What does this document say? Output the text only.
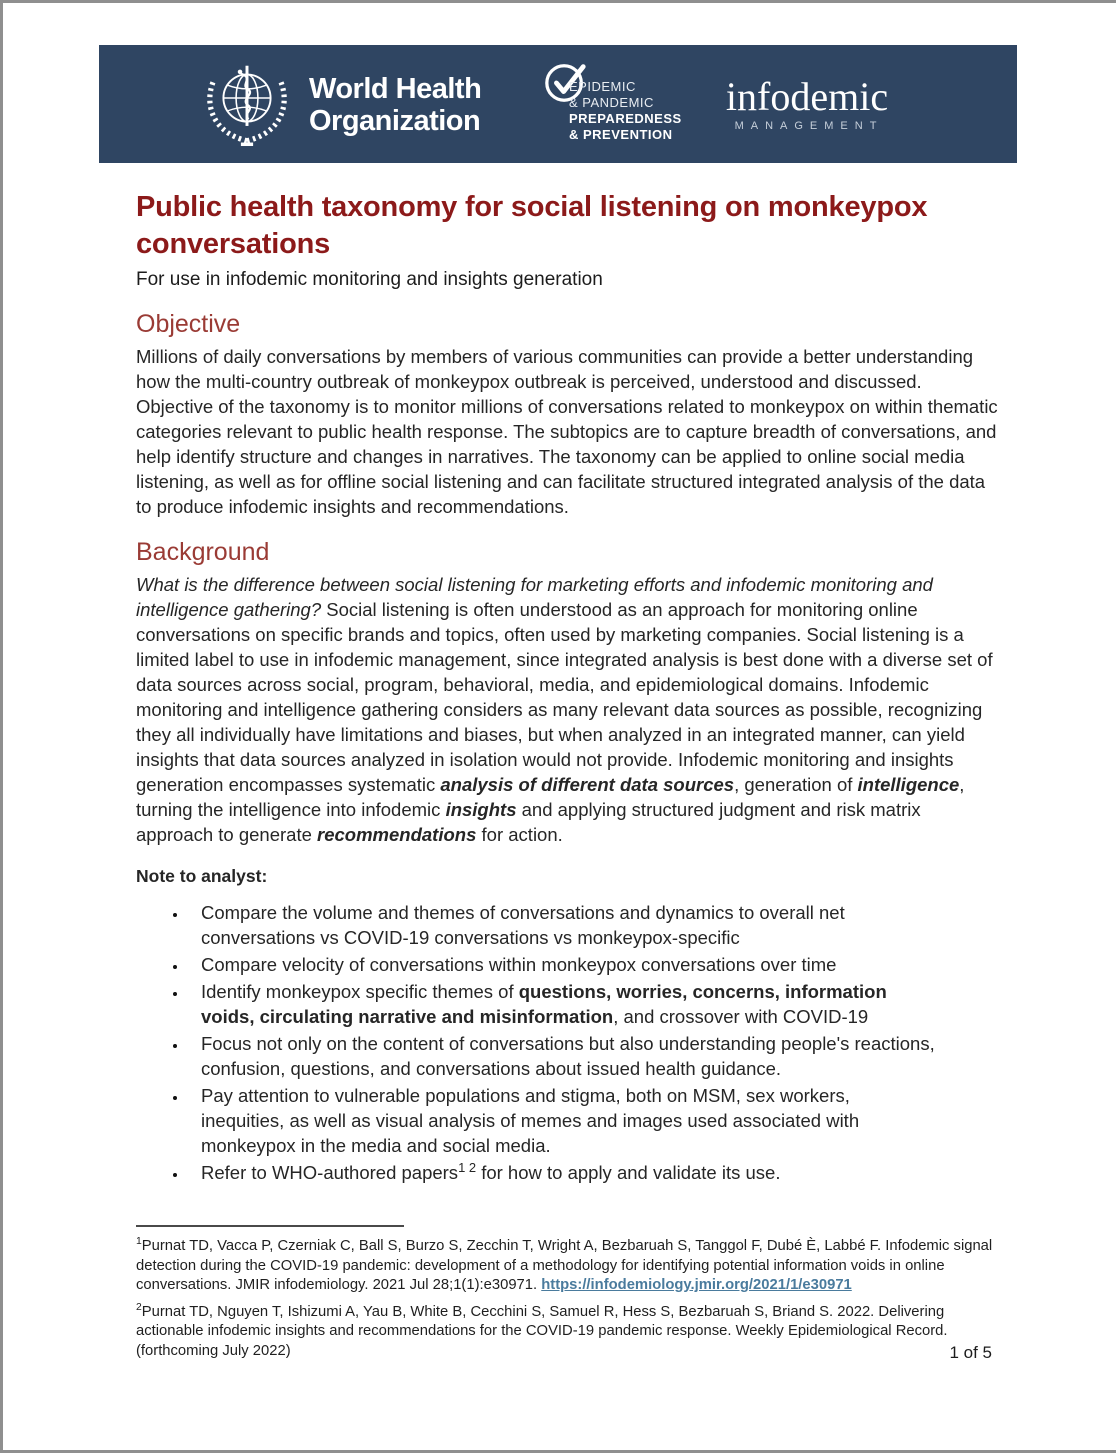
World Health
Organization
EPIDEMIC
& PANDEMIC
PREPAREDNESS
& PREVENTION
infodemic
MANAGEMENT
Public health taxonomy for social listening on monkeypox conversations
For use in infodemic monitoring and insights generation
Objective
Millions of daily conversations by members of various communities can provide a better understanding how the multi-country outbreak of monkeypox outbreak is perceived, understood and discussed. Objective of the taxonomy is to monitor millions of conversations related to monkeypox on within thematic categories relevant to public health response. The subtopics are to capture breadth of conversations, and help identify structure and changes in narratives. The taxonomy can be applied to online social media listening, as well as for offline social listening and can facilitate structured integrated analysis of the data to produce infodemic insights and recommendations.
Background
What is the difference between social listening for marketing efforts and infodemic monitoring and intelligence gathering? Social listening is often understood as an approach for monitoring online conversations on specific brands and topics, often used by marketing companies. Social listening is a limited label to use in infodemic management, since integrated analysis is best done with a diverse set of data sources across social, program, behavioral, media, and epidemiological domains. Infodemic monitoring and intelligence gathering considers as many relevant data sources as possible, recognizing they all individually have limitations and biases, but when analyzed in an integrated manner, can yield insights that data sources analyzed in isolation would not provide. Infodemic monitoring and insights generation encompasses systematic analysis of different data sources, generation of intelligence, turning the intelligence into infodemic insights and applying structured judgment and risk matrix approach to generate recommendations for action.
Note to analyst:
• Compare the volume and themes of conversations and dynamics to overall net conversations vs COVID-19 conversations vs monkeypox-specific
• Compare velocity of conversations within monkeypox conversations over time
• Identify monkeypox specific themes of questions, worries, concerns, information voids, circulating narrative and misinformation, and crossover with COVID-19
• Focus not only on the content of conversations but also understanding people's reactions, confusion, questions, and conversations about issued health guidance.
• Pay attention to vulnerable populations and stigma, both on MSM, sex workers, inequities, as well as visual analysis of memes and images used associated with monkeypox in the media and social media.
• Refer to WHO-authored papers$^{1 2}$ for how to apply and validate its use.
$^1$Purnat TD, Vacca P, Czerniak C, Ball S, Burzo S, Zecchin T, Wright A, Bezbaruah S, Tanggol F, Dubé È, Labbé F. Infodemic signal detection during the COVID-19 pandemic: development of a methodology for identifying potential information voids in online conversations. JMIR infodemiology. 2021 Jul 28;1(1):e30971. https://infodemiology.jmir.org/2021/1/e30971
$^2$Purnat TD, Nguyen T, Ishizumi A, Yau B, White B, Cecchini S, Samuel R, Hess S, Bezbaruah S, Briand S. 2022. Delivering actionable infodemic insights and recommendations for the COVID-19 pandemic response. Weekly Epidemiological Record. (forthcoming July 2022)	1 of 5
